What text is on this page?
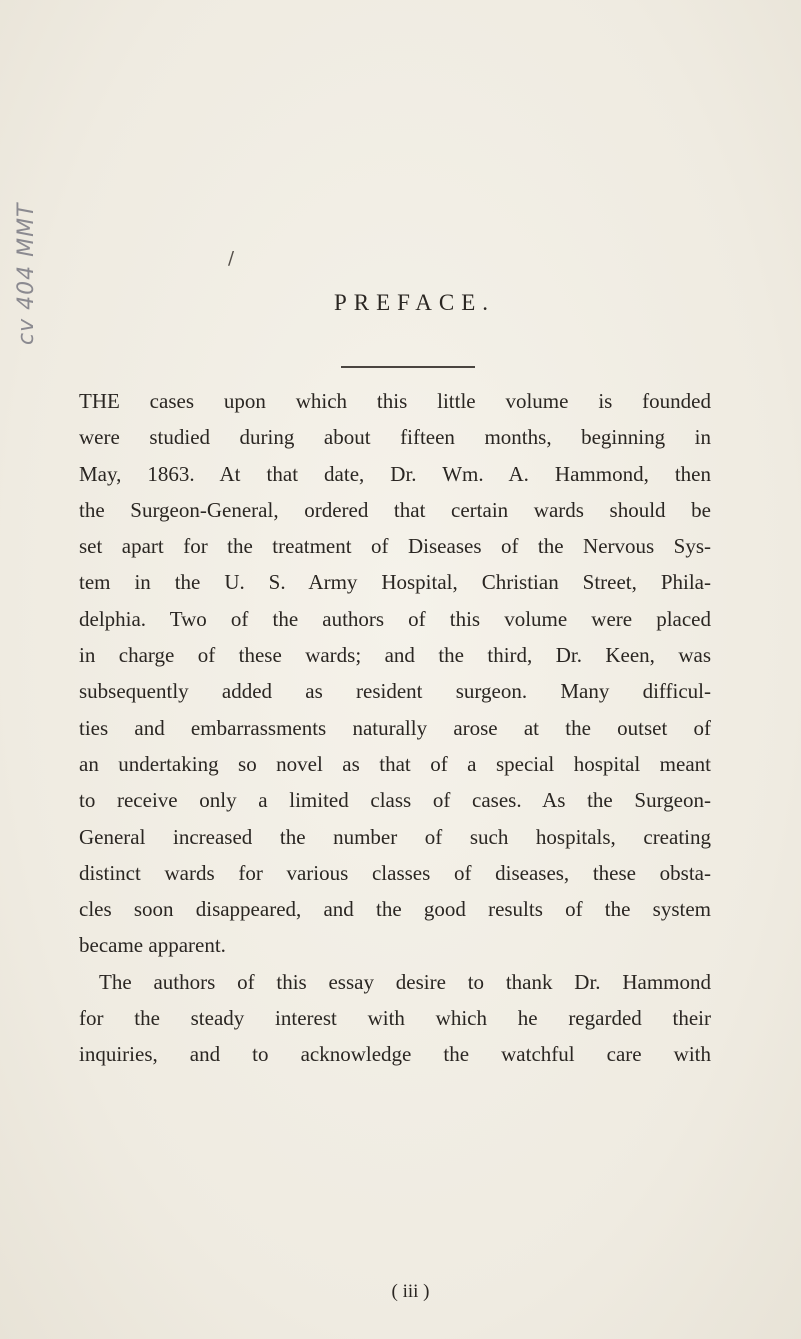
cv 404 MMT	/
PREFACE.
THE cases upon which this little volume is founded
were studied during about fifteen months, beginning in
May, 1863. At that date, Dr. Wm. A. Hammond, then
the Surgeon-General, ordered that certain wards should be
set apart for the treatment of Diseases of the Nervous Sys-
tem in the U. S. Army Hospital, Christian Street, Phila-
delphia. Two of the authors of this volume were placed
in charge of these wards; and the third, Dr. Keen, was
subsequently added as resident surgeon. Many difficul-
ties and embarrassments naturally arose at the outset of
an undertaking so novel as that of a special hospital meant
to receive only a limited class of cases. As the Surgeon-
General increased the number of such hospitals, creating
distinct wards for various classes of diseases, these obsta-
cles soon disappeared, and the good results of the system
became apparent.
The authors of this essay desire to thank Dr. Hammond
for the steady interest with which he regarded their
inquiries, and to acknowledge the watchful care with
( iii )
